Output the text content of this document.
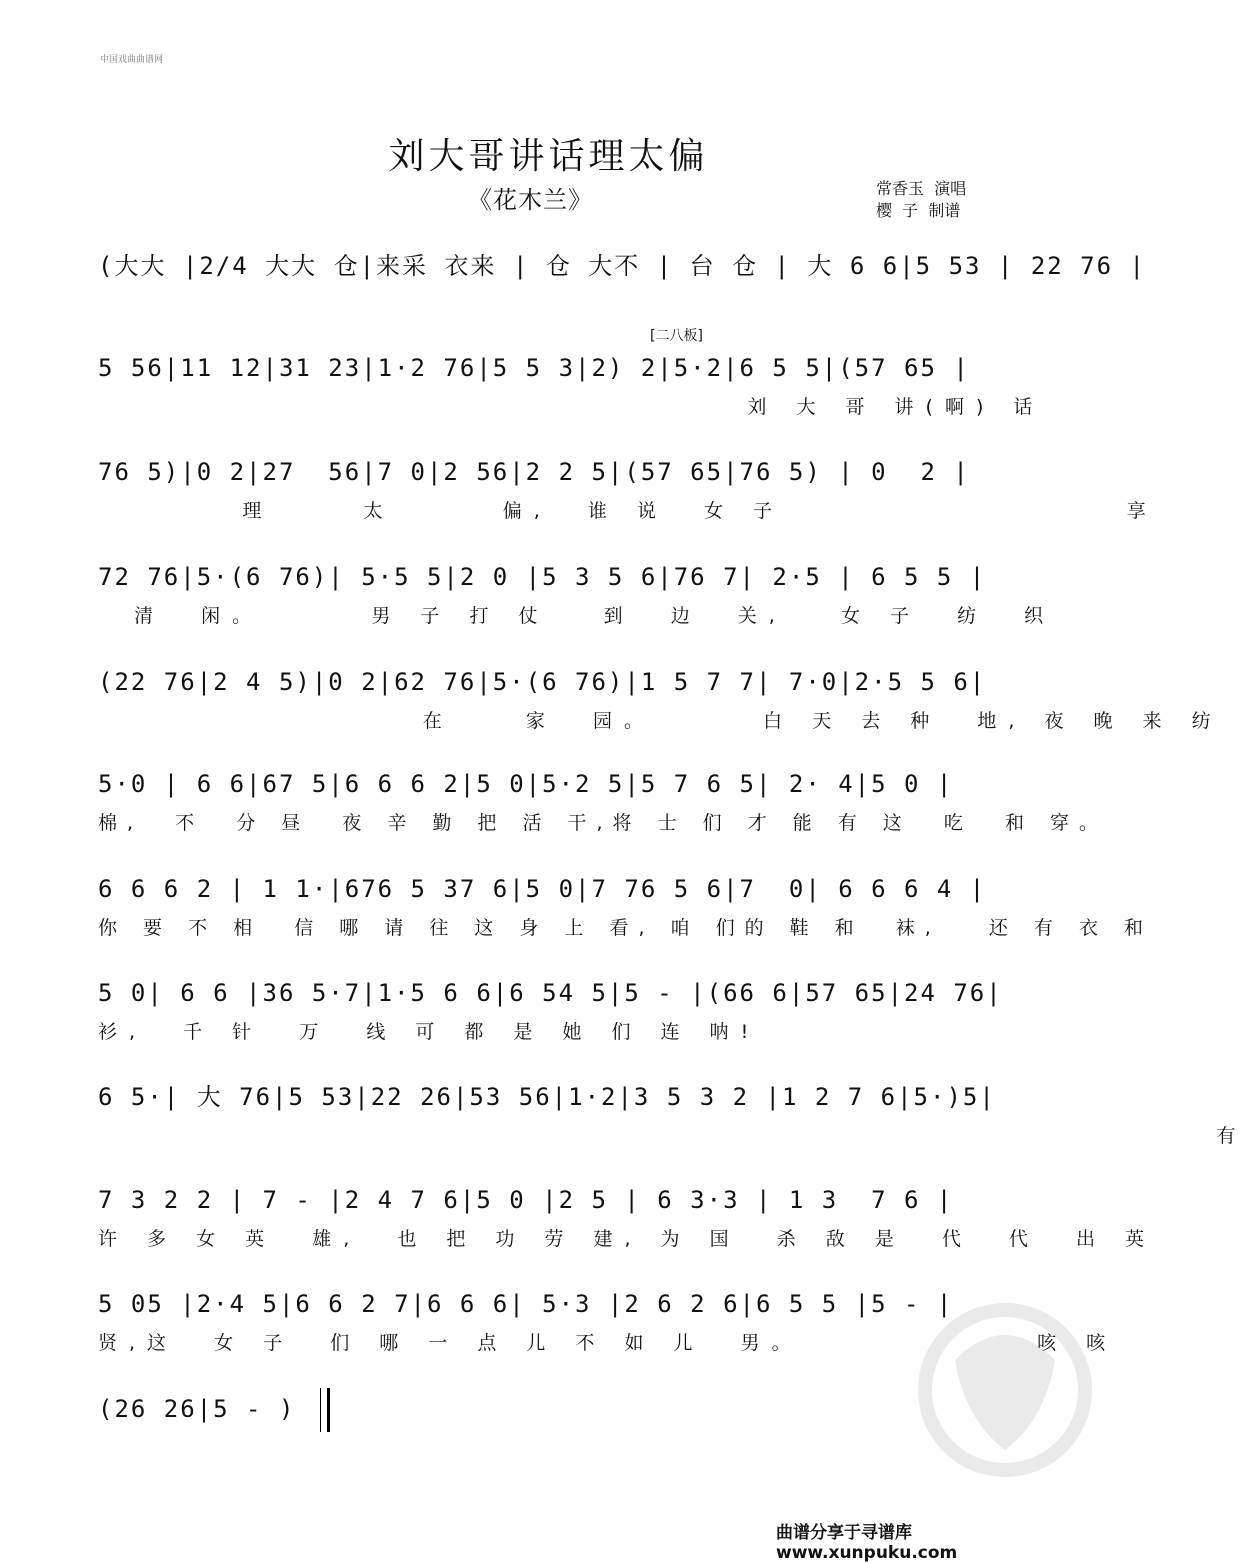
中国戏曲曲谱网
刘大哥讲话理太偏
《花木兰》	常香玉  演唱
樱  子  制谱
[二八板]
(大大 |2/4 大大 仓|来采 衣来 | 仓 大不 | 台 仓 | 大 6 6|5 53 | 22 76 |
5 56|11 12|31 23|1·2 76|5 5 3|2) 2|5·2|6 5 5|(57 65 |
刘 大 哥 讲(啊) 话
76 5)|0 2|27  56|7 0|2 56|2 2 5|(57 65|76 5) | 0  2 |
理     太      偏,  谁 说  女 子                   享
72 76|5·(6 76)| 5·5 5|2 0 |5 3 5 6|76 7| 2·5 | 6 5 5 |
清  闲。      男 子 打 仗   到  边  关,   女 子  纺  织
(22 76|2 4 5)|0 2|62 76|5·(6 76)|1 5 7 7| 7·0|2·5 5 6|
在    家  园。      白 天 去 种  地, 夜 晚 来 纺
5·0 | 6 6|67 5|6 6 6 2|5 0|5·2 5|5 7 6 5| 2· 4|5 0 |
棉,  不  分 昼  夜 辛 勤 把 活 干,将 士 们 才 能 有 这  吃  和 穿。
6 6 6 2 | 1 1·|676 5 37 6|5 0|7 76 5 6|7  0| 6 6 6 4 |
你 要 不 相  信 哪 请 往 这 身 上 看, 咱 们的 鞋 和  袜,   还 有 衣 和
5 0| 6 6 |36 5·7|1·5 6 6|6 54 5|5 - |(66 6|57 65|24 76|
衫,  千 针  万  线 可 都 是 她 们 连 呐!
6 5·| 大 76|5 53|22 26|53 56|1·2|3 5 3 2 |1 2 7 6|5·)5|
有
7 3 2 2 | 7 - |2 4 7 6|5 0 |2 5 | 6 3·3 | 1 3  7 6 |
许 多 女 英  雄,  也 把 功 劳 建, 为 国  杀 敌 是  代  代  出 英
5 05 |2·4 5|6 6 2 7|6 6 6| 5·3 |2 6 2 6|6 5 5 |5 - |
贤,这  女 子  们 哪 一 点 儿 不 如 儿  男。             咳 咳
(26 26|5 - )
曲谱分享于寻谱库 www.xunpuku.com
